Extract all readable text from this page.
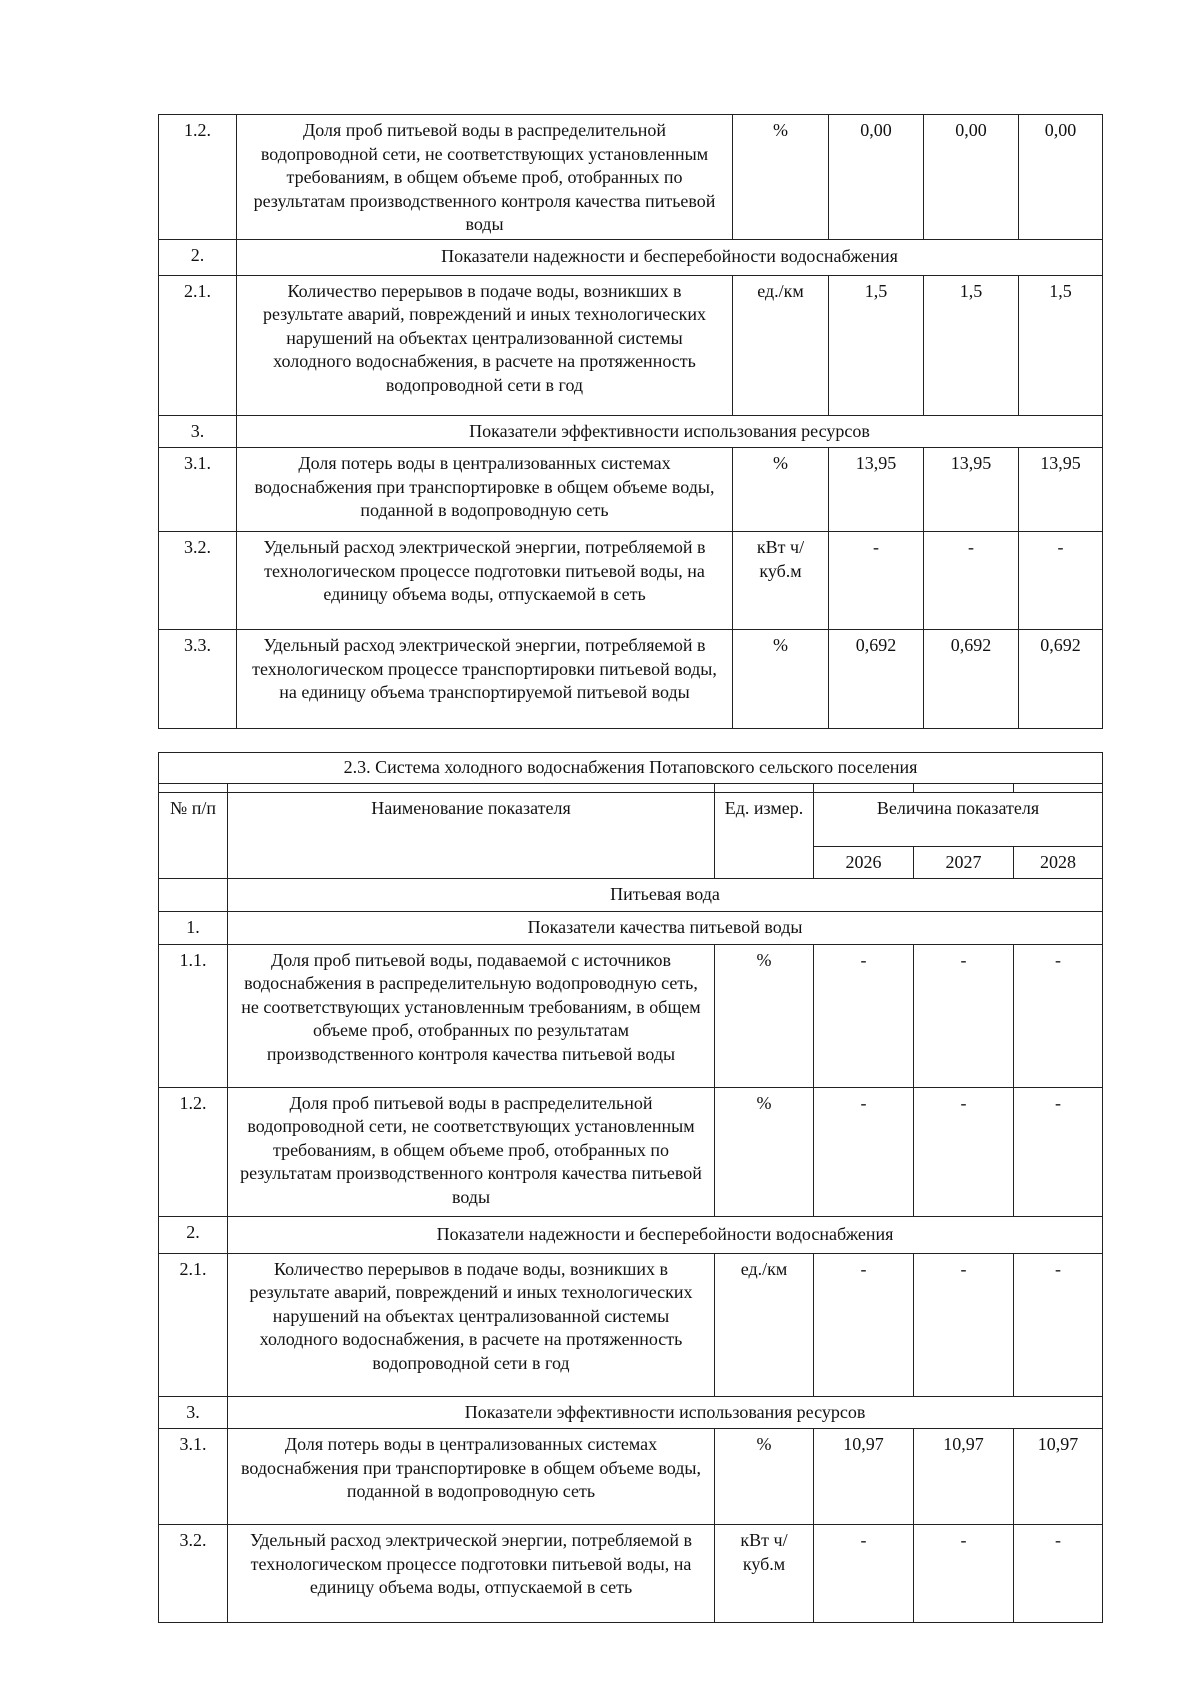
1.2.	Доля проб питьевой воды в распределительной водопроводной сети, не соответствующих установленным требованиям, в общем объеме проб, отобранных по результатам производственного контроля качества питьевой воды	%	0,00	0,00	0,00
2.	Показатели надежности и бесперебойности водоснабжения				
2.1.	Количество перерывов в подаче воды, возникших в результате аварий, повреждений и иных технологических нарушений на объектах централизованной системы холодного водоснабжения, в расчете на протяженность водопроводной сети в год	ед./км	1,5	1,5	1,5
3.	Показатели эффективности использования ресурсов				
3.1.	Доля потерь воды в централизованных системах водоснабжения при транспортировке в общем объеме воды, поданной в водопроводную сеть	%	13,95	13,95	13,95
3.2.	Удельный расход электрической энергии, потребляемой в технологическом процессе подготовки питьевой воды, на единицу объема воды, отпускаемой в сеть	кВт ч/куб.м	-	-	-
3.3.	Удельный расход электрической энергии, потребляемой в технологическом процессе транспортировки питьевой воды, на единицу объема транспортируемой питьевой воды	%	0,692	0,692	0,692
2.3. Система холодного водоснабжения Потаповского сельского поселения					

№ п/п	Наименование показателя	Ед. измер.	Величина показателя		
			2026	2027	2028
	Питьевая вода				
1.	Показатели качества питьевой воды				
1.1.	Доля проб питьевой воды, подаваемой с источников водоснабжения в распределительную водопроводную сеть, не соответствующих установленным требованиям, в общем объеме проб, отобранных по результатам производственного контроля качества питьевой воды	%	-	-	-
1.2.	Доля проб питьевой воды в распределительной водопроводной сети, не соответствующих установленным требованиям, в общем объеме проб, отобранных по результатам производственного контроля качества питьевой воды	%	-	-	-
2.	Показатели надежности и бесперебойности водоснабжения				
2.1.	Количество перерывов в подаче воды, возникших в результате аварий, повреждений и иных технологических нарушений на объектах централизованной системы холодного водоснабжения, в расчете на протяженность водопроводной сети в год	ед./км	-	-	-
3.	Показатели эффективности использования ресурсов				
3.1.	Доля потерь воды в централизованных системах водоснабжения при транспортировке в общем объеме воды, поданной в водопроводную сеть	%	10,97	10,97	10,97
3.2.	Удельный расход электрической энергии, потребляемой в технологическом процессе подготовки питьевой воды, на единицу объема воды, отпускаемой в сеть	кВт ч/куб.м	-	-	-
